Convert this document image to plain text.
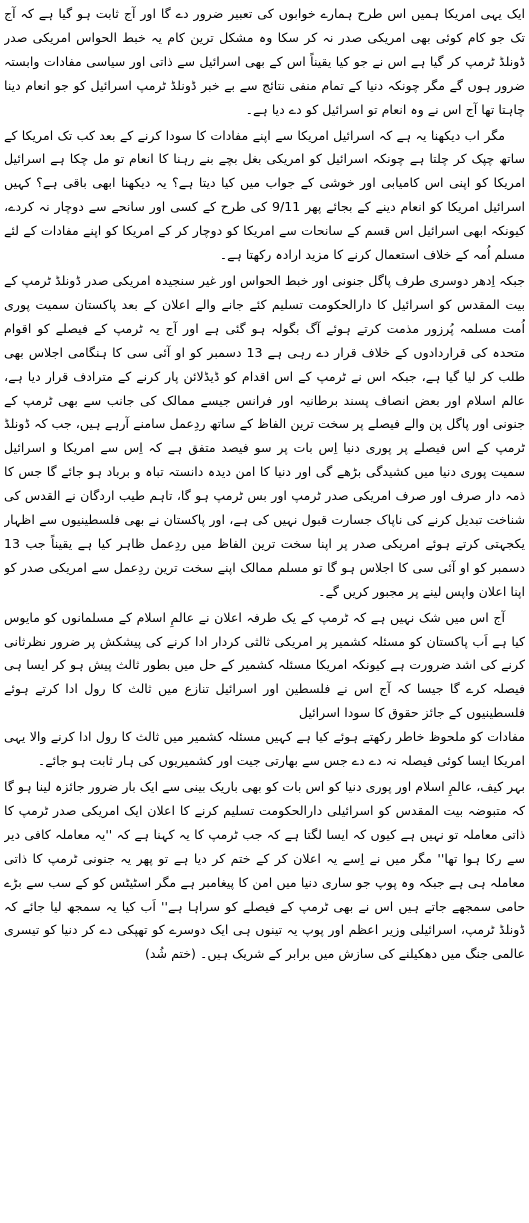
ایک یہی امریکا ہمیں اس طرح ہمارے خوابوں کی تعبیر ضرور دے گا اور آج ثابت ہو گیا ہے کہ آج تک جو کام کوئی بھی امریکی صدر نہ کر سکا وہ مشکل ترین کام یہ خبط الحواس امریکی صدر ڈونلڈ ٹرمپ کر گیا ہے اس نے جو کیا یقیناً اس کے بھی اسرائیل سے ذاتی اور سیاسی مفادات وابستہ ضرور ہوں گے مگر چونکہ دنیا کے تمام منفی نتائج سے بے خبر ڈونلڈ ٹرمپ اسرائیل کو جو انعام دینا چاہتا تھا آج اس نے وہ انعام تو اسرائیل کو دے دیا ہے۔

مگر اب دیکھنا یہ ہے کہ اسرائیل امریکا سے اپنے مفادات کا سودا کرنے کے بعد کب تک امریکا کے ساتھ چپک کر چلتا ہے چونکہ اسرائیل کو امریکی بغل بچے بنے رہنا کا انعام تو مل چکا ہے اسرائیل امریکا کو اپنی اس کامیابی اور خوشی کے جواب میں کیا دیتا ہے؟ یہ دیکھنا ابھی باقی ہے؟ کہیں اسرائیل امریکا کو انعام دینے کے بجائے پھر 9/11 کی طرح کے کسی اور سانحے سے دوچار نہ کردے، کیونکہ ابھی اسرائیل اس قسم کے سانحات سے امریکا کو دوچار کر کے امریکا کو اپنے مفادات کے لئے مسلم اُمہ کے خلاف استعمال کرنے کا مزید ارادہ رکھتا ہے۔

جبکہ اِدھر دوسری طرف پاگل جنونی اور خبط الحواس اور غیر سنجیدہ امریکی صدر ڈونلڈ ٹرمپ کے بیت المقدس کو اسرائیل کا دارالحکومت تسلیم کئے جانے والے اعلان کے بعد پاکستان سمیت پوری اُمت مسلمہ پُرزور مذمت کرتے ہوئے آگ بگولہ ہو گئی ہے اور آج یہ ٹرمپ کے فیصلے کو اقوام متحدہ کی قراردادوں کے خلاف قرار دے رہی ہے 13 دسمبر کو او آئی سی کا ہنگامی اجلاس بھی طلب کر لیا گیا ہے، جبکہ اس نے ٹرمپ کے اس اقدام کو ڈیڈلائن پار کرنے کے مترادف قرار دیا ہے، عالم اسلام اور بعض انصاف پسند برطانیہ اور فرانس جیسے ممالک کی جانب سے بھی ٹرمپ کے جنونی اور پاگل پن والے فیصلے پر سخت ترین الفاظ کے ساتھ ردِعمل سامنے آرہے ہیں، جب کہ ڈونلڈ ٹرمپ کے اس فیصلے پر پوری دنیا اِس بات پر سو فیصد متفق ہے کہ اِس سے امریکا و اسرائیل سمیت پوری دنیا میں کشیدگی بڑھے گی اور دنیا کا امن دیدہ دانستہ تباہ و برباد ہو جائے گا جس کا ذمہ دار صرف اور صرف امریکی صدر ٹرمپ اور بس ٹرمپ ہو گا، تاہم طیب اردگان نے القدس کی شناخت تبدیل کرنے کی ناپاک جسارت قبول نہیں کی ہے، اور پاکستان نے بھی فلسطینیوں سے اظہار یکجہتی کرتے ہوئے امریکی صدر پر اپنا سخت ترین الفاظ میں ردِعمل ظاہر کیا ہے یقیناً جب 13 دسمبر کو او آئی سی کا اجلاس ہو گا تو مسلم ممالک اپنے سخت ترین ردِعمل سے امریکی صدر کو اپنا اعلان واپس لینے پر مجبور کریں گے۔

آج اس میں شک نہیں ہے کہ ٹرمپ کے یک طرفہ اعلان نے عالمِ اسلام کے مسلمانوں کو مایوس کیا ہے اَب پاکستان کو مسئلہ کشمیر پر امریکی ثالثی کردار ادا کرنے کی پیشکش پر ضرور نظرثانی کرنے کی اشد ضرورت ہے کیونکہ امریکا مسئلہ کشمیر کے حل میں بطور ثالث پیش ہو کر ایسا ہی فیصلہ کرے گا جیسا کہ آج اس نے فلسطین اور اسرائیل تنازع میں ثالث کا رول ادا کرتے ہوئے فلسطینیوں کے جائز حقوق کا سودا اسرائیل

مفادات کو ملحوظ خاطر رکھتے ہوئے کیا ہے کہیں مسئلہ کشمیر میں ثالث کا رول ادا کرنے والا یہی امریکا ایسا کوئی فیصلہ نہ دے دے جس سے بھارتی جیت اور کشمیریوں کی ہار ثابت ہو جائے۔

بہر کیف، عالمِ اسلام اور پوری دنیا کو اس بات کو بھی باریک بینی سے ایک بار ضرور جائزہ لینا ہو گا کہ متبوضہ بیت المقدس کو اسرائیلی دارالحکومت تسلیم کرنے کا اعلان ایک امریکی صدر ٹرمپ کا ذاتی معاملہ تو نہیں ہے کیوں کہ ایسا لگتا ہے کہ جب ٹرمپ کا یہ کہنا ہے کہ ''یہ معاملہ کافی دیر سے رکا ہوا تھا'' مگر میں نے اِسے یہ اعلان کر کے ختم کر دیا ہے تو پھر یہ جنونی ٹرمپ کا ذاتی معاملہ ہی ہے جبکہ وہ پوپ جو ساری دنیا میں امن کا پیغامبر ہے مگر اسٹیٹس کو کے سب سے بڑے حامی سمجھے جاتے ہیں اس نے بھی ٹرمپ کے فیصلے کو سراہا ہے'' اَب کیا یہ سمجھ لیا جائے کہ ڈونلڈ ٹرمپ، اسرائیلی وزیر اعظم اور پوپ یہ تینوں ہی ایک دوسرے کو تھپکی دے کر دنیا کو تیسری عالمی جنگ میں دھکیلنے کی سازش میں برابر کے شریک ہیں۔ (ختم شُد)
